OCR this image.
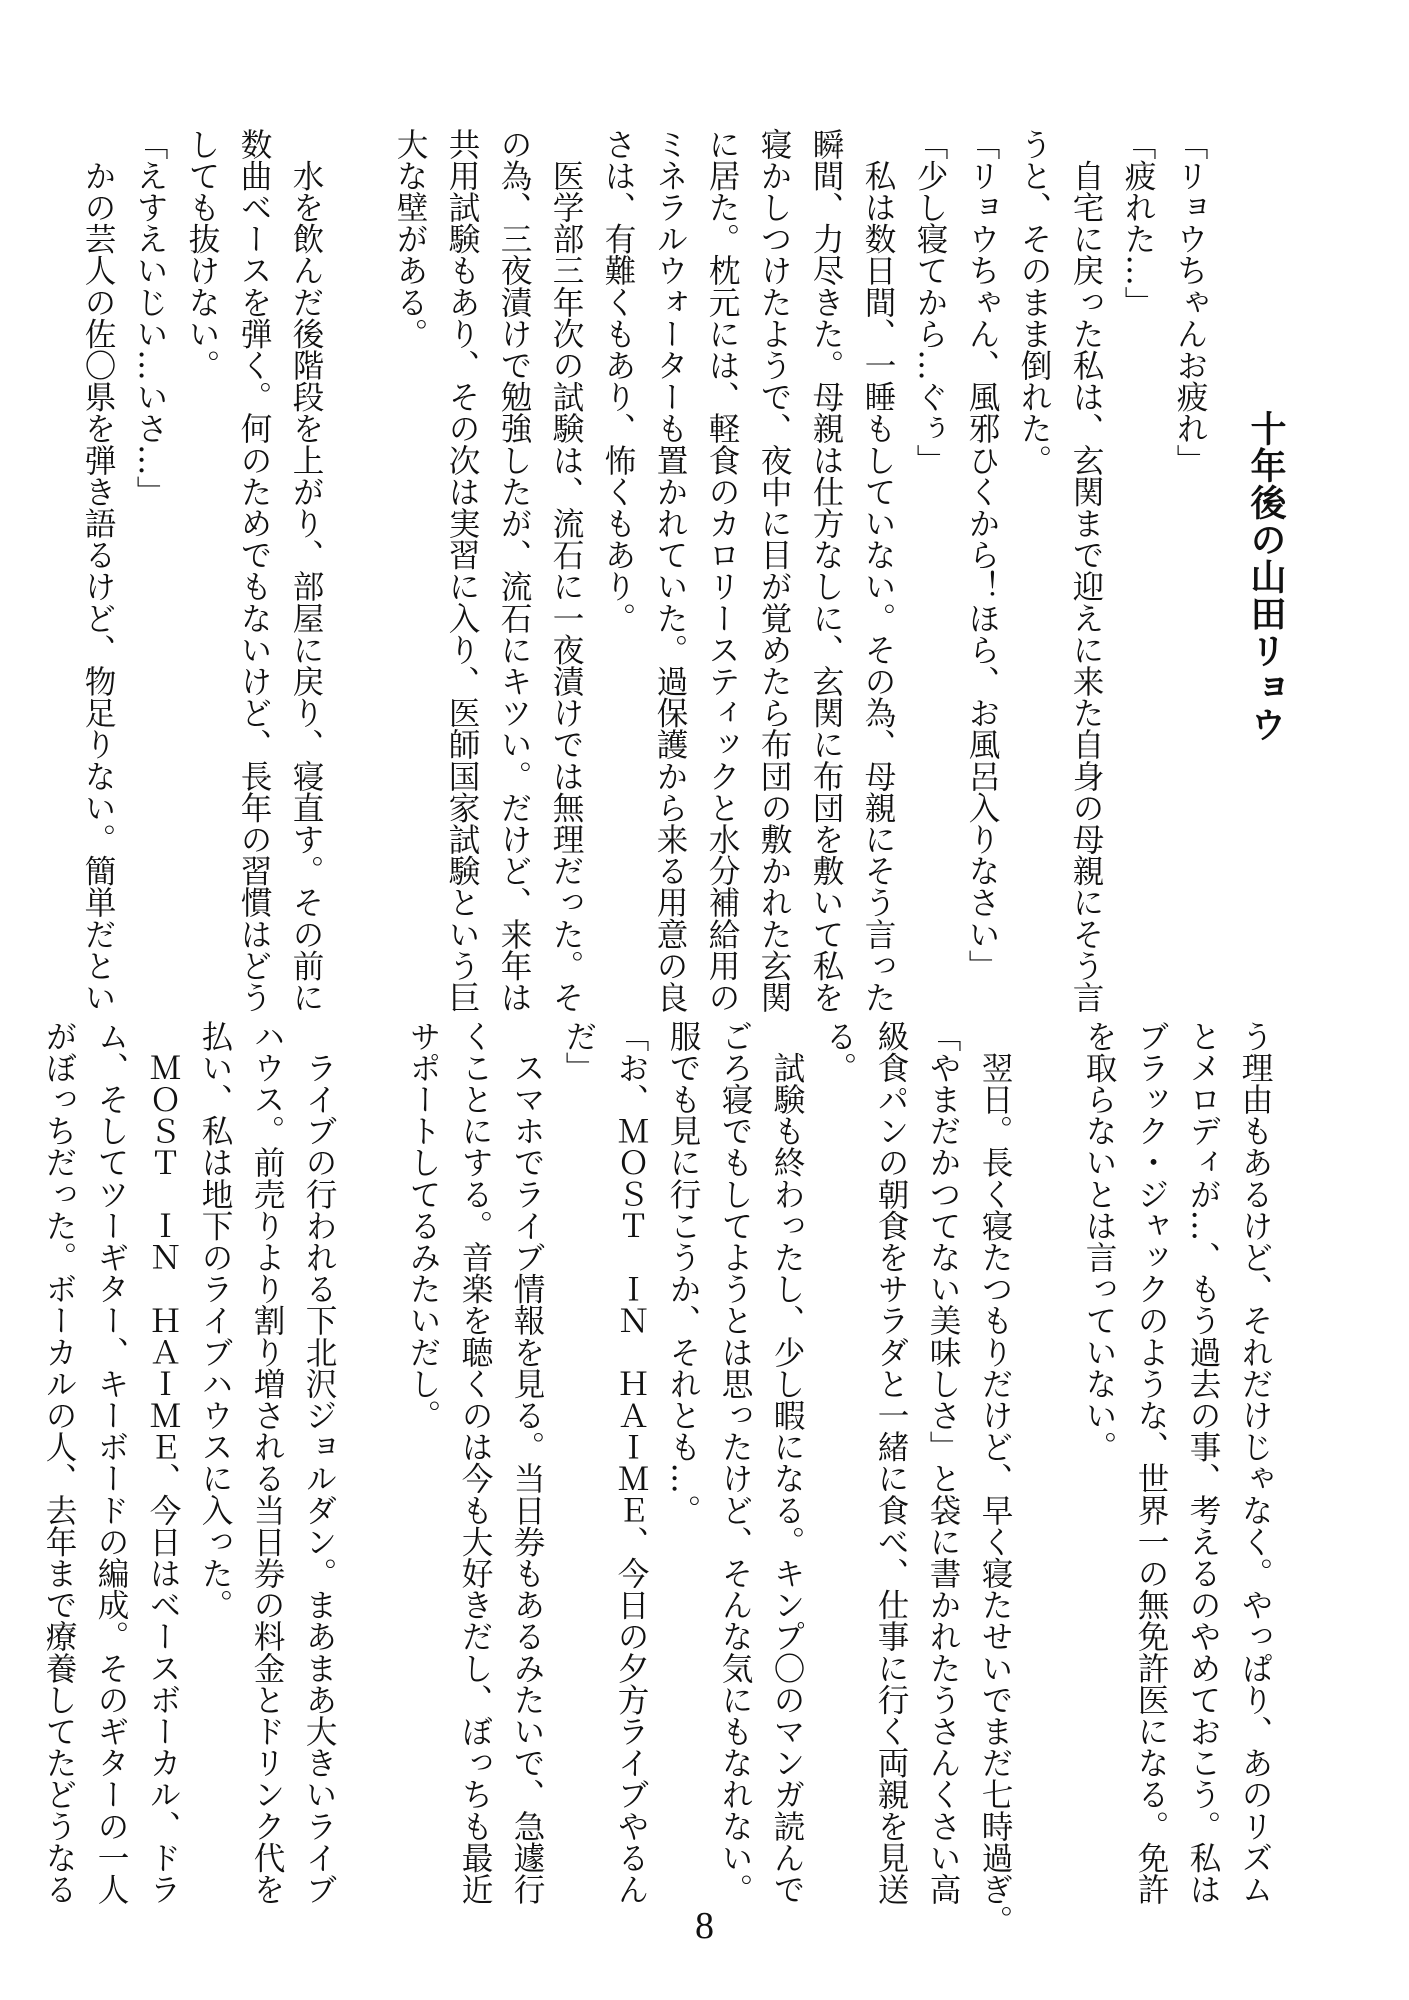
十年後の山田リョウ

「リョウちゃんお疲れ」

「疲れた…」

　自宅に戻った私は、玄関まで迎えに来た自身の母親にそう言

うと、そのまま倒れた。

「リョウちゃん、風邪ひくから！ほら、お風呂入りなさい」

「少し寝てから…ぐぅ」

　私は数日間、一睡もしていない。その為、母親にそう言った

瞬間、力尽きた。母親は仕方なしに、玄関に布団を敷いて私を

寝かしつけたようで、夜中に目が覚めたら布団の敷かれた玄関

に居た。枕元には、軽食のカロリースティックと水分補給用の

ミネラルウォーターも置かれていた。過保護から来る用意の良

さは、有難くもあり、怖くもあり。

　医学部三年次の試験は、流石に一夜漬けでは無理だった。そ

の為、三夜漬けで勉強したが、流石にキツい。だけど、来年は

共用試験もあり、その次は実習に入り、医師国家試験という巨

大な壁がある。

　水を飲んだ後階段を上がり、部屋に戻り、寝直す。その前に

数曲ベースを弾く。何のためでもないけど、長年の習慣はどう

しても抜けない。

「えすえいじい…いさ…」

　かの芸人の佐〇県を弾き語るけど、物足りない。簡単だとい

う理由もあるけど、それだけじゃなく。やっぱり、あのリズム

とメロディが…、もう過去の事、考えるのやめておこう。私は

ブラック・ジャックのような、世界一の無免許医になる。免許

を取らないとは言っていない。

　翌日。長く寝たつもりだけど、早く寝たせいでまだ七時過ぎ。

「やまだかつてない美味しさ」と袋に書かれたうさんくさい高

級食パンの朝食をサラダと一緒に食べ、仕事に行く両親を見送

る。

　試験も終わったし、少し暇になる。キンプ〇のマンガ読んで

ごろ寝でもしてようとは思ったけど、そんな気にもなれない。

服でも見に行こうか、それとも…。

「お、ＭＯＳＴ　ＩＮ　ＨＡＩＭＥ、今日の夕方ライブやるん

だ」

　スマホでライブ情報を見る。当日券もあるみたいで、急遽行

くことにする。音楽を聴くのは今も大好きだし、ぼっちも最近

サポートしてるみたいだし。

　ライブの行われる下北沢ジョルダン。まあまあ大きいライブ

ハウス。前売りより割り増される当日券の料金とドリンク代を

払い、私は地下のライブハウスに入った。

　ＭＯＳＴ　ＩＮ　ＨＡＩＭＥ、今日はベースボーカル、ドラ

ム、そしてツーギター、キーボードの編成。そのギターの一人

がぼっちだった。ボーカルの人、去年まで療養してたどうなる

8
